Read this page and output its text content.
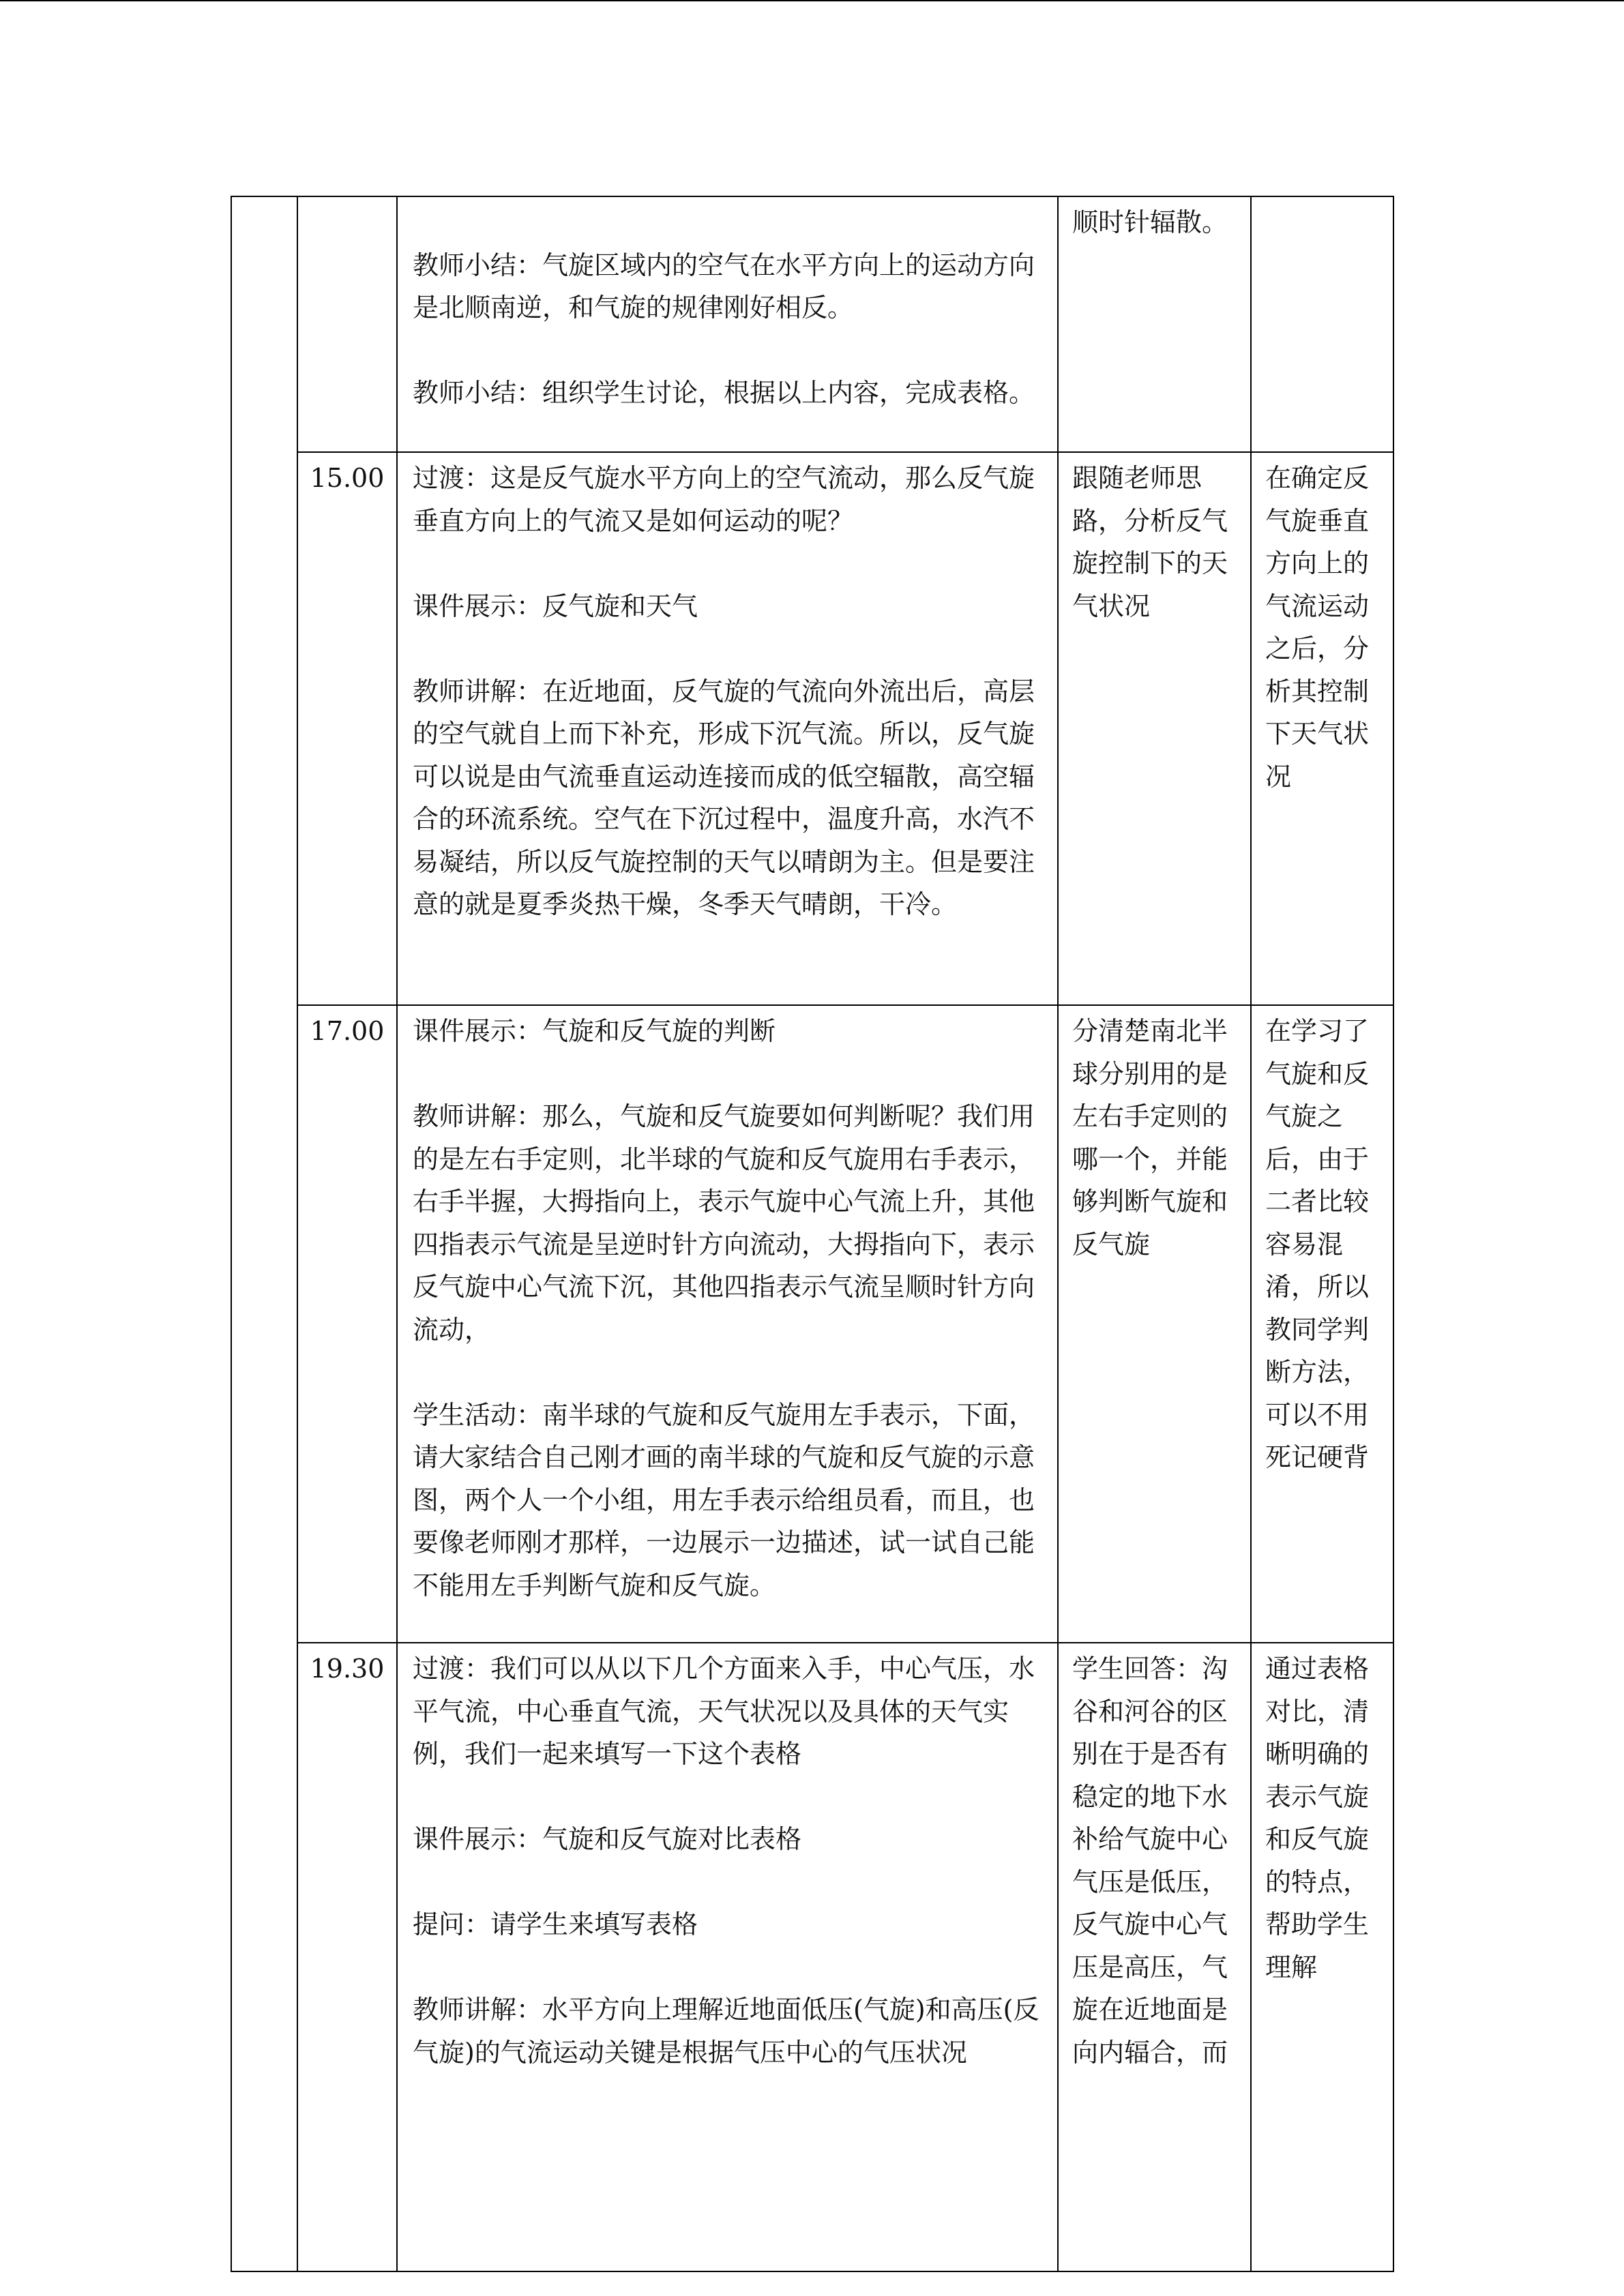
		教师小结：气旋区域内的空气在水平方向上的运动方向是北顺南逆，和气旋的规律刚好相反。
教师小结：组织学生讨论，根据以上内容，完成表格。	顺时针辐散。	
	15.00	过渡：这是反气旋水平方向上的空气流动，那么反气旋垂直方向上的气流又是如何运动的呢？
课件展示：反气旋和天气
教师讲解：在近地面，反气旋的气流向外流出后，高层的空气就自上而下补充，形成下沉气流。所以，反气旋可以说是由气流垂直运动连接而成的低空辐散，高空辐合的环流系统。空气在下沉过程中，温度升高，水汽不易凝结，所以反气旋控制的天气以晴朗为主。但是要注意的就是夏季炎热干燥，冬季天气晴朗，干冷。	跟随老师思路，分析反气旋控制下的天气状况	在确定反气旋垂直方向上的气流运动之后，分析其控制下天气状况
	17.00	课件展示：气旋和反气旋的判断
教师讲解：那么，气旋和反气旋要如何判断呢？我们用的是左右手定则，北半球的气旋和反气旋用右手表示，右手半握，大拇指向上，表示气旋中心气流上升，其他四指表示气流是呈逆时针方向流动，大拇指向下，表示反气旋中心气流下沉，其他四指表示气流呈顺时针方向流动，
学生活动：南半球的气旋和反气旋用左手表示，下面，请大家结合自己刚才画的南半球的气旋和反气旋的示意图，两个人一个小组，用左手表示给组员看，而且，也要像老师刚才那样，一边展示一边描述，试一试自己能不能用左手判断气旋和反气旋。	分清楚南北半球分别用的是左右手定则的哪一个，并能够判断气旋和反气旋	在学习了气旋和反气旋之后，由于二者比较容易混淆，所以教同学判断方法，可以不用死记硬背
	19.30	过渡：我们可以从以下几个方面来入手，中心气压，水平气流，中心垂直气流，天气状况以及具体的天气实例，我们一起来填写一下这个表格
课件展示：气旋和反气旋对比表格
提问：请学生来填写表格
教师讲解：水平方向上理解近地面低压(气旋)和高压(反气旋)的气流运动关键是根据气压中心的气压状况	学生回答：沟谷和河谷的区别在于是否有稳定的地下水补给气旋中心气压是低压，反气旋中心气压是高压，气旋在近地面是向内辐合，而	通过表格对比，清晰明确的表示气旋和反气旋的特点，帮助学生理解
